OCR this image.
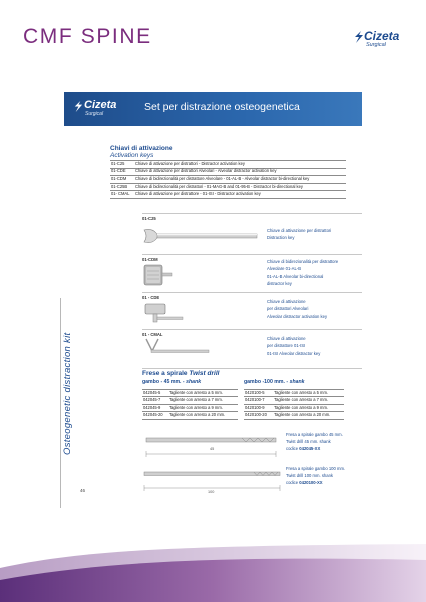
CMF SPINE	Cizeta
Surgical
Cizeta
Surgical
Set per distrazione osteogenetica
Chiavi di attivazione
Activation keys
01-C25	Chiave di attivazione per distrattori - Distractor activation key
01-CDE	Chiave di attivazione per distrattori Alveolari - Alveolar distractor activation key
01-CDM	Chiave di bidirezionalità per distrattore Alveolare - 01-AL-B - Alveolar distractor bi-directional key
01-C25B	Chiave di bidirezionalità per distrattori - 01-MAG-B and 01-95-B - Distractor bi-directional key
01- CMAL	Chiave di attivazione per distrattore - 01-ISI - Distractor activation key
01-C25
Chiave di attivazione per distrattori
Distraction key
01-CDM	Chiave di bidirezionalità per distrattore
Alveolare 01-AL-B
01-AL-B Alveolar bi-directional
distractor key
01 - CDE
Chiave di attivazione
per distrattori Alveolari
Alveolar distractor activation key
01 - CMAL
Chiave di attivazione
per distrattore 01-ISI
01-ISI Alveolar distractor key
Frese a spirale Twist drill
gambo - 45 mm. - shank	gambo -100 mm. - shank
042045-5	Tagliente con arresto a 5 mm.
042045-7	Tagliente con arresto a 7 mm.
042045-9	Tagliente con arresto a 9 mm.
042045-20	Tagliente con arresto a 20 mm.
0420100-5	Tagliente con arresto a 5 mm.
0420100-7	Tagliente con arresto a 7 mm.
0420100-9	Tagliente con arresto a 9 mm.
0420100-20	Tagliente con arresto a 20 mm.
45
Fresa a spirale gambo 45 mm.
Twist drill 45 mm. shank
codice 042045-XX
100
Fresa a spirale gambo 100 mm.
Twist drill 100 mm. shank
codice 0420100-XX
Osteogenetic distraction kit
46
